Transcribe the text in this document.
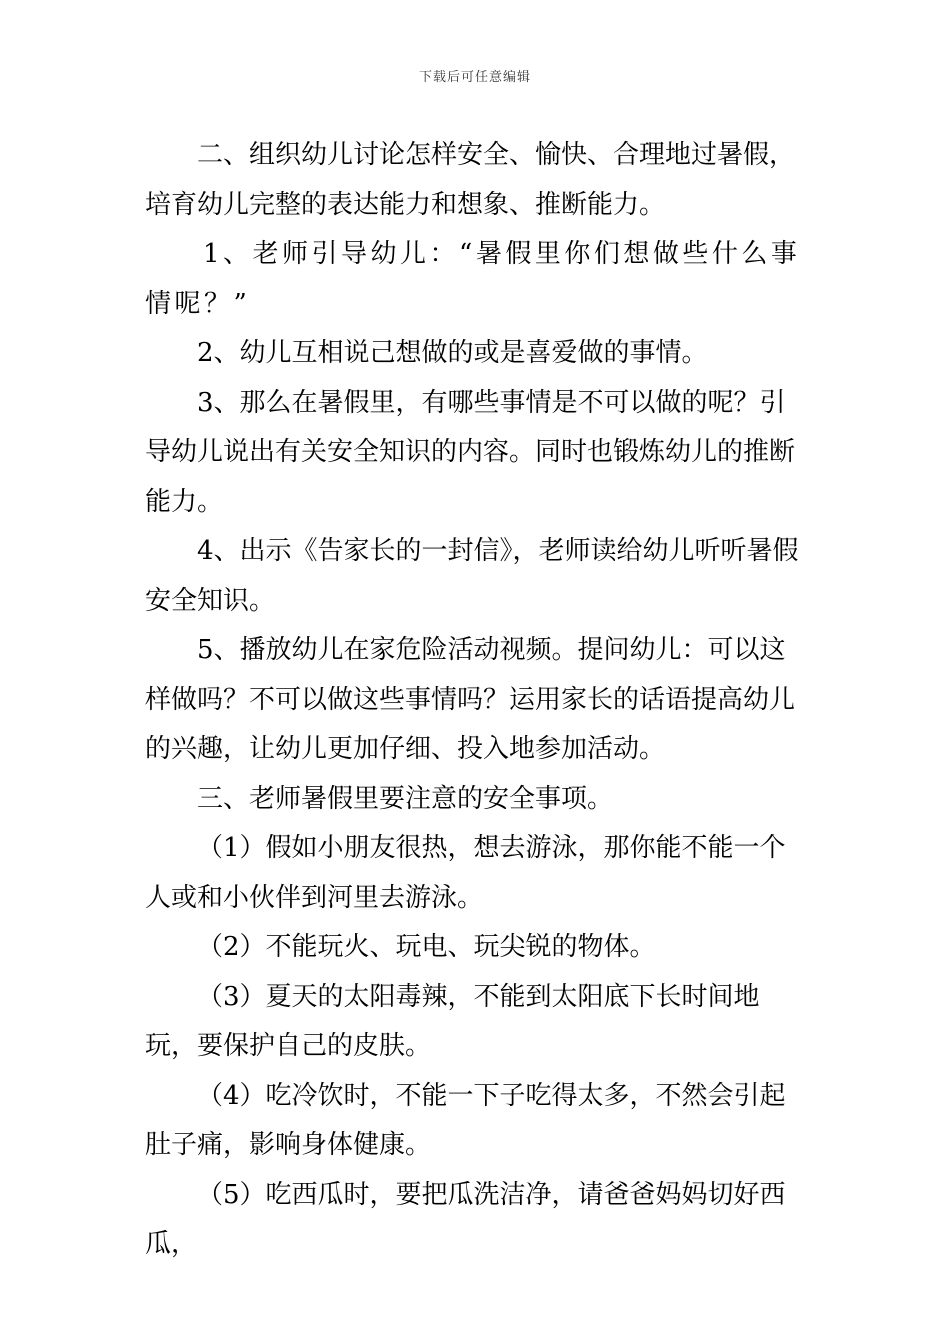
下载后可任意编辑

二、组织幼儿讨论怎样安全、愉快、合理地过暑假，培育幼儿完整的表达能力和想象、推断能力。

1、老师引导幼儿：“暑假里你们想做些什么事情呢？”

2、幼儿互相说己想做的或是喜爱做的事情。

3、那么在暑假里，有哪些事情是不可以做的呢？引导幼儿说出有关安全知识的内容。同时也锻炼幼儿的推断能力。

4、出示《告家长的一封信》，老师读给幼儿听听暑假安全知识。

5、播放幼儿在家危险活动视频。提问幼儿：可以这样做吗？不可以做这些事情吗？运用家长的话语提高幼儿的兴趣，让幼儿更加仔细、投入地参加活动。

三、老师暑假里要注意的安全事项。

（1）假如小朋友很热，想去游泳，那你能不能一个人或和小伙伴到河里去游泳。

（2）不能玩火、玩电、玩尖锐的物体。

（3）夏天的太阳毒辣，不能到太阳底下长时间地玩，要保护自己的皮肤。

（4）吃冷饮时，不能一下子吃得太多，不然会引起肚子痛，影响身体健康。

（5）吃西瓜时，要把瓜洗洁净，请爸爸妈妈切好西瓜，
